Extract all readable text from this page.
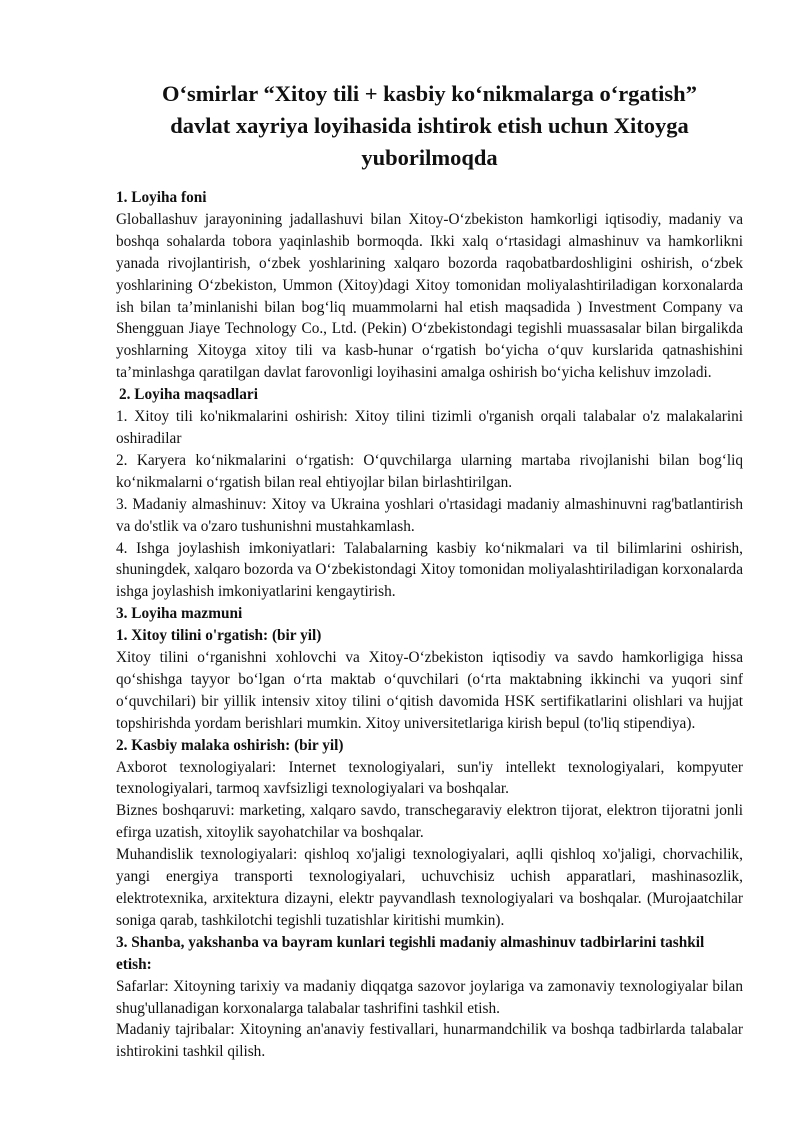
O‘smirlar “Xitoy tili + kasbiy ko‘nikmalarga o‘rgatish”
davlat xayriya loyihasida ishtirok etish uchun Xitoyga
yuborilmoqda

1. Loyiha foni

Globallashuv jarayonining jadallashuvi bilan Xitoy-O‘zbekiston hamkorligi iqtisodiy, madaniy va boshqa sohalarda tobora yaqinlashib bormoqda. Ikki xalq o‘rtasidagi almashinuv va hamkorlikni yanada rivojlantirish, o‘zbek yoshlarining xalqaro bozorda raqobatbardoshligini oshirish, o‘zbek yoshlarining O‘zbekiston, Ummon (Xitoy)dagi Xitoy tomonidan moliyalashtiriladigan korxonalarda ish bilan ta’minlanishi bilan bog‘liq muammolarni hal etish maqsadida ) Investment Company va Shengguan Jiaye Technology Co., Ltd. (Pekin) O‘zbekistondagi tegishli muassasalar bilan birgalikda yoshlarning Xitoyga xitoy tili va kasb-hunar o‘rgatish bo‘yicha o‘quv kurslarida qatnashishini ta’minlashga qaratilgan davlat farovonligi loyihasini amalga oshirish bo‘yicha kelishuv imzoladi.

2. Loyiha maqsadlari

1. Xitoy tili ko'nikmalarini oshirish: Xitoy tilini tizimli o'rganish orqali talabalar o'z malakalarini oshiradilar

2. Karyera ko‘nikmalarini o‘rgatish: O‘quvchilarga ularning martaba rivojlanishi bilan bog‘liq ko‘nikmalarni o‘rgatish bilan real ehtiyojlar bilan birlashtirilgan.

3. Madaniy almashinuv: Xitoy va Ukraina yoshlari o'rtasidagi madaniy almashinuvni rag'batlantirish va do'stlik va o'zaro tushunishni mustahkamlash.

4. Ishga joylashish imkoniyatlari: Talabalarning kasbiy ko‘nikmalari va til bilimlarini oshirish, shuningdek, xalqaro bozorda va O‘zbekistondagi Xitoy tomonidan moliyalashtiriladigan korxonalarda ishga joylashish imkoniyatlarini kengaytirish.

3. Loyiha mazmuni

1. Xitoy tilini o'rgatish: (bir yil)

Xitoy tilini o‘rganishni xohlovchi va Xitoy-O‘zbekiston iqtisodiy va savdo hamkorligiga hissa qo‘shishga tayyor bo‘lgan o‘rta maktab o‘quvchilari (o‘rta maktabning ikkinchi va yuqori sinf o‘quvchilari) bir yillik intensiv xitoy tilini o‘qitish davomida HSK sertifikatlarini olishlari va hujjat topshirishda yordam berishlari mumkin. Xitoy universitetlariga kirish bepul (to'liq stipendiya).

2. Kasbiy malaka oshirish: (bir yil)

Axborot texnologiyalari: Internet texnologiyalari, sun'iy intellekt texnologiyalari, kompyuter texnologiyalari, tarmoq xavfsizligi texnologiyalari va boshqalar.

Biznes boshqaruvi: marketing, xalqaro savdo, transchegaraviy elektron tijorat, elektron tijoratni jonli efirga uzatish, xitoylik sayohatchilar va boshqalar.

Muhandislik texnologiyalari: qishloq xo'jaligi texnologiyalari, aqlli qishloq xo'jaligi, chorvachilik, yangi energiya transporti texnologiyalari, uchuvchisiz uchish apparatlari, mashinasozlik, elektrotexnika, arxitektura dizayni, elektr payvandlash texnologiyalari va boshqalar. (Murojaatchilar soniga qarab, tashkilotchi tegishli tuzatishlar kiritishi mumkin).

3. Shanba, yakshanba va bayram kunlari tegishli madaniy almashinuv tadbirlarini tashkil etish:

Safarlar: Xitoyning tarixiy va madaniy diqqatga sazovor joylariga va zamonaviy texnologiyalar bilan shug'ullanadigan korxonalarga talabalar tashrifini tashkil etish.

Madaniy tajribalar: Xitoyning an'anaviy festivallari, hunarmandchilik va boshqa tadbirlarda talabalar ishtirokini tashkil qilish.
